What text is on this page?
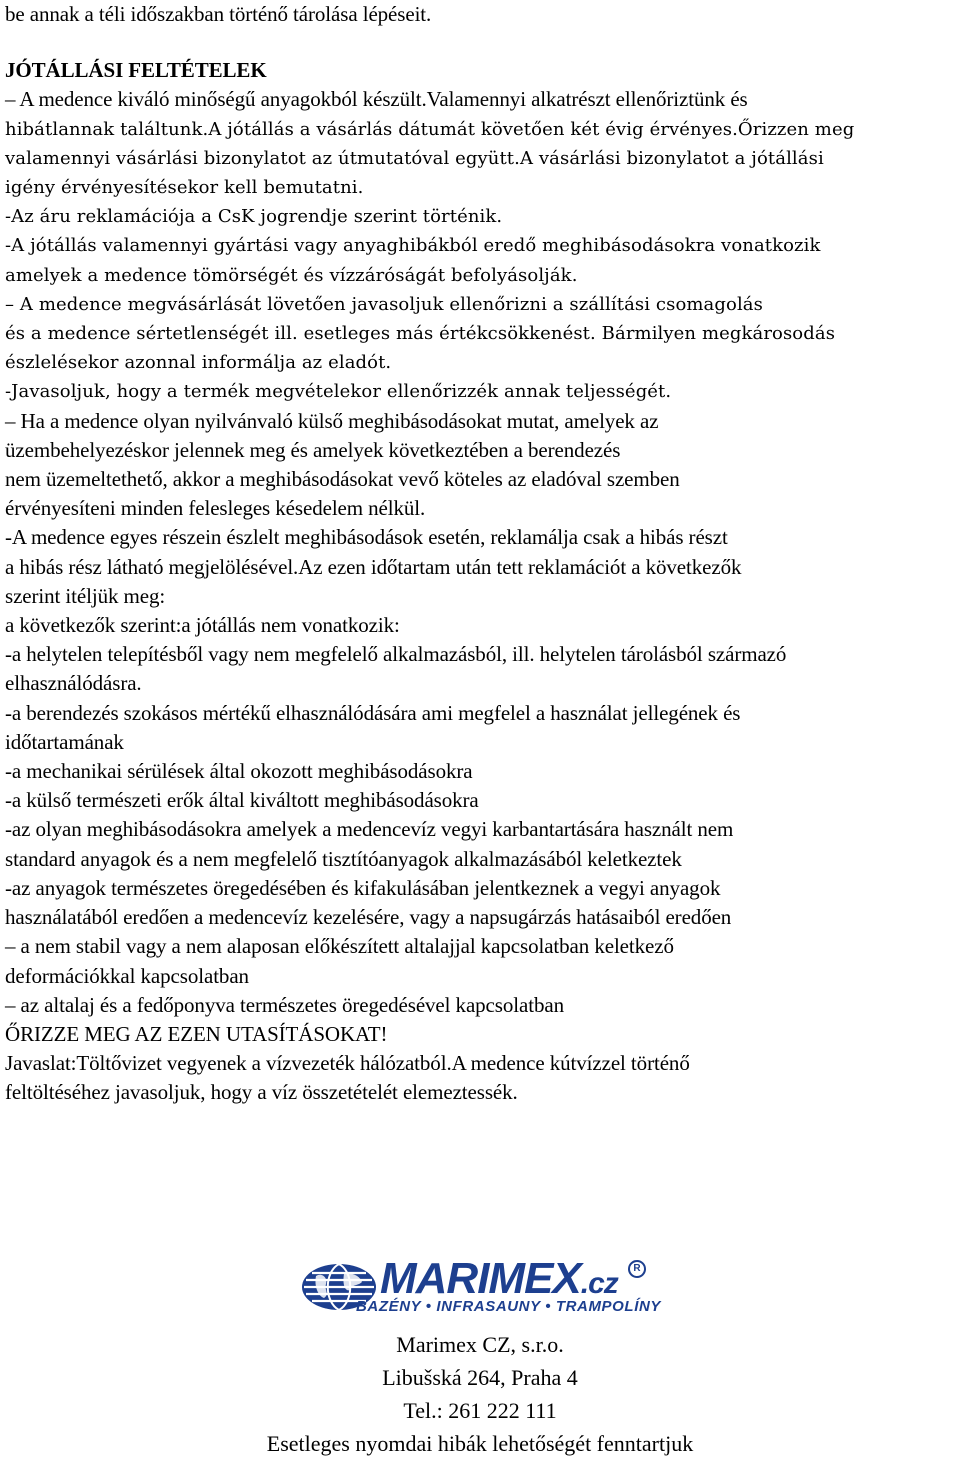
be annak a téli időszakban történő tárolása lépéseit.
JÓTÁLLÁSI FELTÉTELEK
– A medence kiváló minőségű anyagokból készült.Valamennyi alkatrészt ellenőriztünk és
hibátlannak találtunk.A jótállás a vásárlás dátumát követően két évig érvényes.Őrizzen meg
valamennyi vásárlási bizonylatot az útmutatóval együtt.A vásárlási bizonylatot a jótállási
igény érvényesítésekor kell bemutatni.
-Az áru reklamációja a CsK jogrendje szerint történik.
-A jótállás valamennyi gyártási vagy anyaghibákból eredő meghibásodásokra vonatkozik
amelyek a medence tömörségét és vízzáróságát befolyásolják.
– A medence megvásárlását lövetően javasoljuk ellenőrizni a szállítási csomagolás
és a medence sértetlenségét ill. esetleges más értékcsökkenést. Bármilyen megkárosodás
észlelésekor azonnal informálja az eladót.
-Javasoljuk, hogy a termék megvételekor ellenőrizzék annak teljességét.
– Ha a medence olyan nyilvánvaló külső meghibásodásokat mutat, amelyek az
üzembehelyezéskor jelennek meg és amelyek következtében a berendezés
nem üzemeltethető, akkor a meghibásodásokat vevő köteles az eladóval szemben
érvényesíteni minden felesleges késedelem nélkül.
-A medence egyes részein észlelt meghibásodások esetén, reklamálja csak a hibás részt
a hibás rész látható megjelölésével.Az ezen időtartam után tett reklamációt a következők
szerint itéljük meg:
a következők szerint:a jótállás nem vonatkozik:
-a helytelen telepítésből vagy nem megfelelő alkalmazásból, ill. helytelen tárolásból származó
elhasználódásra.
-a berendezés szokásos mértékű elhasználódására ami megfelel a használat jellegének és
időtartamának
-a mechanikai sérülések által okozott meghibásodásokra
-a külső természeti erők által kiváltott meghibásodásokra
-az olyan meghibásodásokra amelyek a medencevíz vegyi karbantartására használt nem
standard anyagok és a nem megfelelő tisztítóanyagok alkalmazásából keletkeztek
-az anyagok természetes öregedésében és kifakulásában jelentkeznek a vegyi anyagok
használatából eredően a medencevíz kezelésére, vagy a napsugárzás hatásaiból eredően
– a nem stabil vagy a nem alaposan előkészített altalajjal kapcsolatban keletkező
deformációkkal kapcsolatban
– az altalaj és a fedőponyva természetes öregedésével kapcsolatban
ŐRIZZE MEG AZ EZEN UTASÍTÁSOKAT!
Javaslat:Töltővizet vegyenek a vízvezeték hálózatból.A medence kútvízzel történő
feltöltéséhez javasoljuk, hogy a víz összetételét elemeztessék.
MARIMEX.cz	R
BAZÉNY • INFRASAUNY • TRAMPOLÍNY
Marimex CZ, s.r.o.
Libušská 264, Praha 4
Tel.: 261 222 111
Esetleges nyomdai hibák lehetőségét fenntartjuk
